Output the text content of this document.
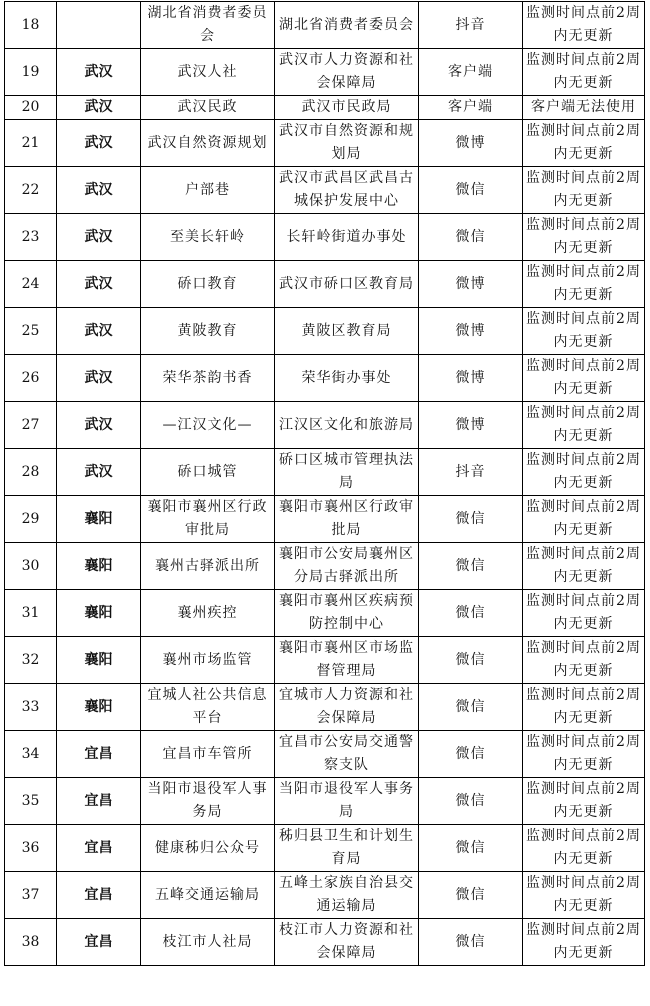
18		湖北省消费者委员会	湖北省消费者委员会	抖音	监测时间点前2周内无更新
19	武汉	武汉人社	武汉市人力资源和社会保障局	客户端	监测时间点前2周内无更新
20	武汉	武汉民政	武汉市民政局	客户端	客户端无法使用
21	武汉	武汉自然资源规划	武汉市自然资源和规划局	微博	监测时间点前2周内无更新
22	武汉	户部巷	武汉市武昌区武昌古城保护发展中心	微信	监测时间点前2周内无更新
23	武汉	至美长轩岭	长轩岭街道办事处	微信	监测时间点前2周内无更新
24	武汉	硚口教育	武汉市硚口区教育局	微博	监测时间点前2周内无更新
25	武汉	黄陂教育	黄陂区教育局	微博	监测时间点前2周内无更新
26	武汉	荣华茶韵书香	荣华街办事处	微博	监测时间点前2周内无更新
27	武汉	—江汉文化—	江汉区文化和旅游局	微博	监测时间点前2周内无更新
28	武汉	硚口城管	硚口区城市管理执法局	抖音	监测时间点前2周内无更新
29	襄阳	襄阳市襄州区行政审批局	襄阳市襄州区行政审批局	微信	监测时间点前2周内无更新
30	襄阳	襄州古驿派出所	襄阳市公安局襄州区分局古驿派出所	微信	监测时间点前2周内无更新
31	襄阳	襄州疾控	襄阳市襄州区疾病预防控制中心	微信	监测时间点前2周内无更新
32	襄阳	襄州市场监管	襄阳市襄州区市场监督管理局	微信	监测时间点前2周内无更新
33	襄阳	宜城人社公共信息平台	宜城市人力资源和社会保障局	微信	监测时间点前2周内无更新
34	宜昌	宜昌市车管所	宜昌市公安局交通警察支队	微信	监测时间点前2周内无更新
35	宜昌	当阳市退役军人事务局	当阳市退役军人事务局	微信	监测时间点前2周内无更新
36	宜昌	健康秭归公众号	秭归县卫生和计划生育局	微信	监测时间点前2周内无更新
37	宜昌	五峰交通运输局	五峰土家族自治县交通运输局	微信	监测时间点前2周内无更新
38	宜昌	枝江市人社局	枝江市人力资源和社会保障局	微信	监测时间点前2周内无更新
